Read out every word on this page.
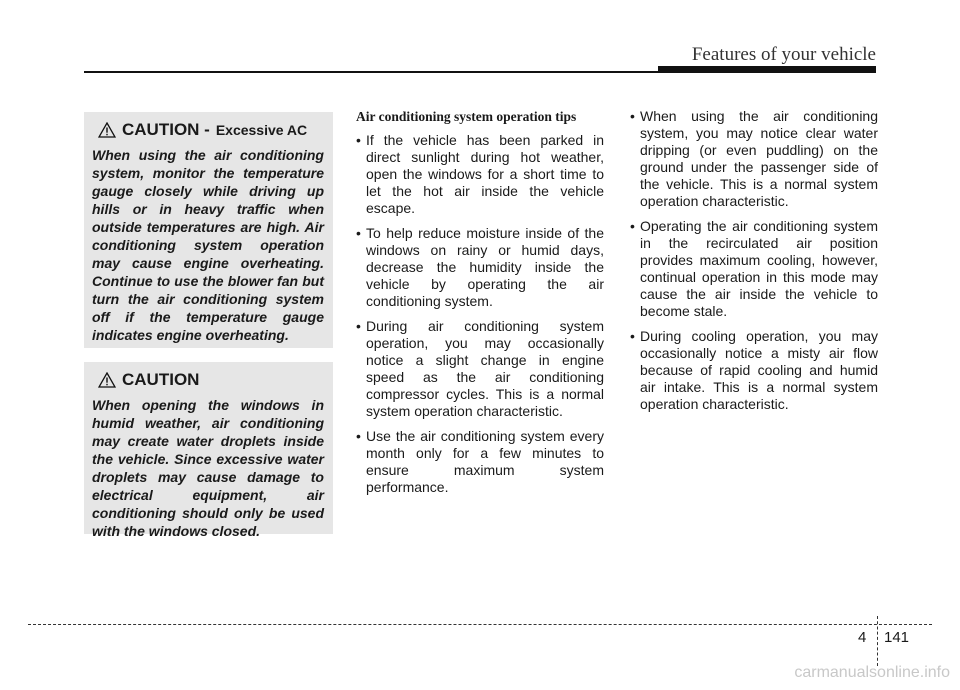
Features of your vehicle
CAUTION - Excessive AC

When using the air conditioning system, monitor the temperature gauge closely while driving up hills or in heavy traffic when outside temperatures are high. Air conditioning system operation may cause engine overheating. Continue to use the blower fan but turn the air conditioning system off if the temperature gauge indicates engine overheating.

CAUTION

When opening the windows in humid weather, air conditioning may create water droplets inside the vehicle. Since excessive water droplets may cause damage to electrical equipment, air conditioning should only be used with the windows closed.

Air conditioning system operation tips
• If the vehicle has been parked in direct sunlight during hot weather, open the windows for a short time to let the hot air inside the vehicle escape.
• To help reduce moisture inside of the windows on rainy or humid days, decrease the humidity inside the vehicle by operating the air conditioning system.
• During air conditioning system operation, you may occasionally notice a slight change in engine speed as the air conditioning compressor cycles. This is a normal system operation characteristic.
• Use the air conditioning system every month only for a few minutes to ensure maximum system performance.
• When using the air conditioning system, you may notice clear water dripping (or even puddling) on the ground under the passenger side of the vehicle. This is a normal system operation characteristic.
• Operating the air conditioning system in the recirculated air position provides maximum cooling, however, continual operation in this mode may cause the air inside the vehicle to become stale.
• During cooling operation, you may occasionally notice a misty air flow because of rapid cooling and humid air intake. This is a normal system operation characteristic.
4 141
carmanualsonline.info
